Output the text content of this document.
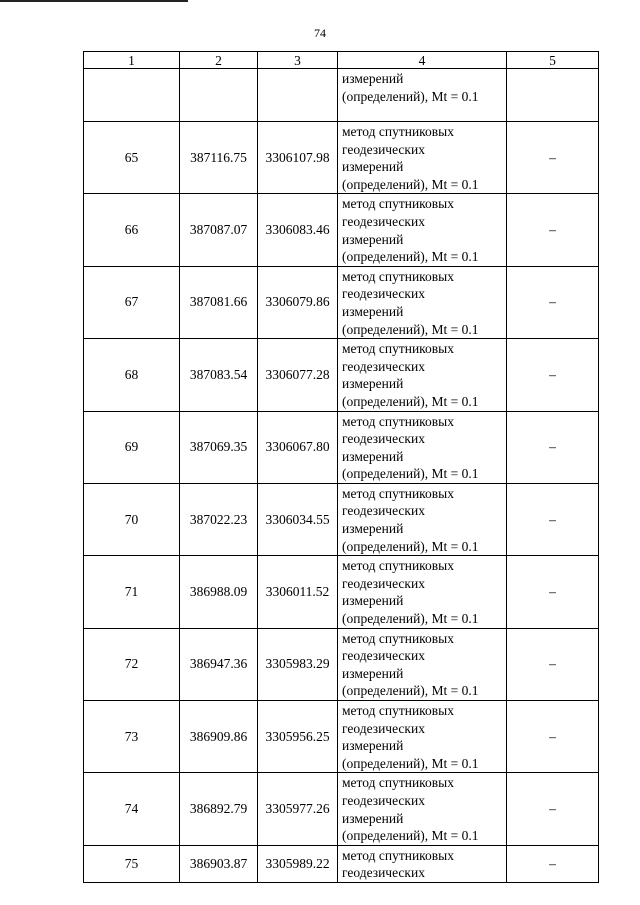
74
1	2	3	4	5

			измерений
(определений), Mt = 0.1	

65	387116.75	3306107.98	метод спутниковых
геодезических
измерений
(определений), Mt = 0.1	–
66	387087.07	3306083.46	метод спутниковых
геодезических
измерений
(определений), Mt = 0.1	–
67	387081.66	3306079.86	метод спутниковых
геодезических
измерений
(определений), Mt = 0.1	–
68	387083.54	3306077.28	метод спутниковых
геодезических
измерений
(определений), Mt = 0.1	–
69	387069.35	3306067.80	метод спутниковых
геодезических
измерений
(определений), Mt = 0.1	–
70	387022.23	3306034.55	метод спутниковых
геодезических
измерений
(определений), Mt = 0.1	–
71	386988.09	3306011.52	метод спутниковых
геодезических
измерений
(определений), Mt = 0.1	–
72	386947.36	3305983.29	метод спутниковых
геодезических
измерений
(определений), Mt = 0.1	–
73	386909.86	3305956.25	метод спутниковых
геодезических
измерений
(определений), Mt = 0.1	–
74	386892.79	3305977.26	метод спутниковых
геодезических
измерений
(определений), Mt = 0.1	–
75	386903.87	3305989.22	метод спутниковых
геодезических	–
